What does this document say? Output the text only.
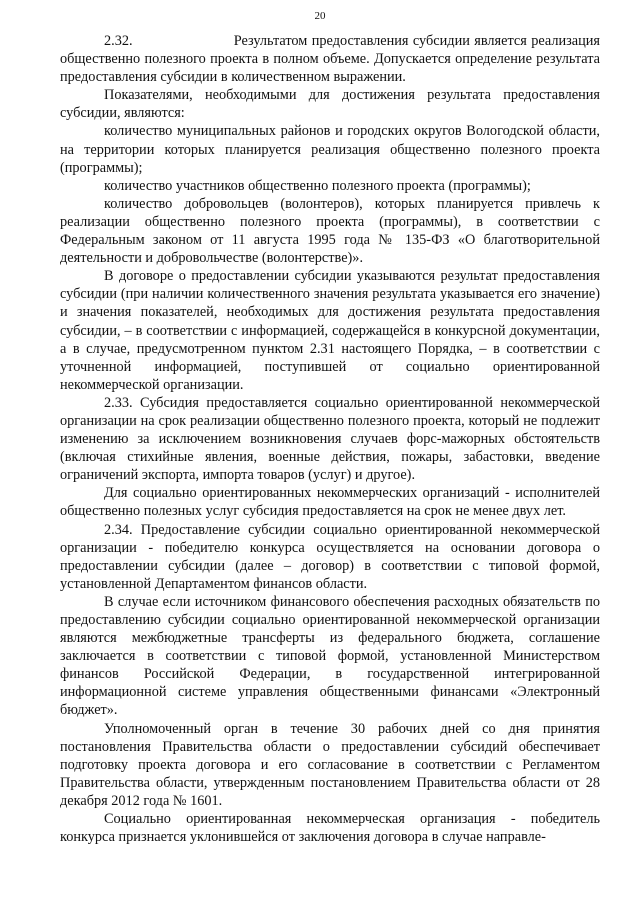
20

2.32.                       Результатом предоставления субсидии является реализация общественно полезного проекта в полном объеме. Допускается определение результата предоставления субсидии в количественном выражении.

Показателями, необходимыми для достижения результата предоставления субсидии, являются:

количество муниципальных районов и городских округов Вологодской области, на территории которых планируется реализация общественно полезного проекта (программы);

количество участников общественно полезного проекта (программы);

количество добровольцев (волонтеров), которых планируется привлечь к реализации общественно полезного проекта (программы), в соответствии с Федеральным законом от 11 августа 1995 года № 135-ФЗ «О благотворительной деятельности и добровольчестве (волонтерстве)».

В договоре о предоставлении субсидии указываются результат предоставления субсидии (при наличии количественного значения результата указывается его значение) и значения показателей, необходимых для достижения результата предоставления субсидии, – в соответствии с информацией, содержащейся в конкурсной документации, а в случае, предусмотренном пунктом 2.31 настоящего Порядка, – в соответствии с уточненной информацией, поступившей от социально ориентированной некоммерческой организации.

2.33. Субсидия предоставляется социально ориентированной некоммерческой организации на срок реализации общественно полезного проекта, который не подлежит изменению за исключением возникновения случаев форс-мажорных обстоятельств (включая стихийные явления, военные действия, пожары, забастовки, введение ограничений экспорта, импорта товаров (услуг) и другое).

Для социально ориентированных некоммерческих организаций - исполнителей общественно полезных услуг субсидия предоставляется на срок не менее двух лет.

2.34. Предоставление субсидии социально ориентированной некоммерческой организации - победителю конкурса осуществляется на основании договора о предоставлении субсидии (далее – договор) в соответствии с типовой формой, установленной Департаментом финансов области.

В случае если источником финансового обеспечения расходных обязательств по предоставлению субсидии социально ориентированной некоммерческой организации являются межбюджетные трансферты из федерального бюджета, соглашение заключается в соответствии с типовой формой, установленной Министерством финансов Российской Федерации, в государственной интегрированной информационной системе управления общественными финансами «Электронный бюджет».

Уполномоченный орган в течение 30 рабочих дней со дня принятия постановления Правительства области о предоставлении субсидий обеспечивает подготовку проекта договора и его согласование в соответствии с Регламентом Правительства области, утвержденным постановлением Правительства области от 28 декабря 2012 года № 1601.

Социально ориентированная некоммерческая организация - победитель конкурса признается уклонившейся от заключения договора в случае направле-
